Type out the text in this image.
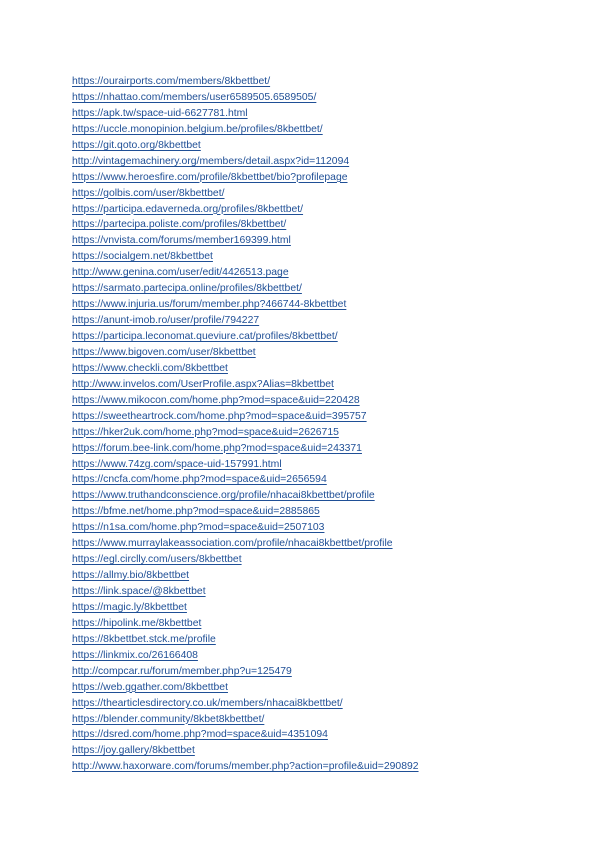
https://ourairports.com/members/8kbettbet/
https://nhattao.com/members/user6589505.6589505/
https://apk.tw/space-uid-6627781.html
https://uccle.monopinion.belgium.be/profiles/8kbettbet/
https://git.qoto.org/8kbettbet
http://vintagemachinery.org/members/detail.aspx?id=112094
https://www.heroesfire.com/profile/8kbettbet/bio?profilepage
https://golbis.com/user/8kbettbet/
https://participa.edaverneda.org/profiles/8kbettbet/
https://partecipa.poliste.com/profiles/8kbettbet/
https://vnvista.com/forums/member169399.html
https://socialgem.net/8kbettbet
http://www.genina.com/user/edit/4426513.page
https://sarmato.partecipa.online/profiles/8kbettbet/
https://www.injuria.us/forum/member.php?466744-8kbettbet
https://anunt-imob.ro/user/profile/794227
https://participa.leconomat.queviure.cat/profiles/8kbettbet/
https://www.bigoven.com/user/8kbettbet
https://www.checkli.com/8kbettbet
http://www.invelos.com/UserProfile.aspx?Alias=8kbettbet
https://www.mikocon.com/home.php?mod=space&uid=220428
https://sweetheartrock.com/home.php?mod=space&uid=395757
https://hker2uk.com/home.php?mod=space&uid=2626715
https://forum.bee-link.com/home.php?mod=space&uid=243371
https://www.74zg.com/space-uid-157991.html
https://cncfa.com/home.php?mod=space&uid=2656594
https://www.truthandconscience.org/profile/nhacai8kbettbet/profile
https://bfme.net/home.php?mod=space&uid=2885865
https://n1sa.com/home.php?mod=space&uid=2507103
https://www.murraylakeassociation.com/profile/nhacai8kbettbet/profile
https://egl.circlly.com/users/8kbettbet
https://allmy.bio/8kbettbet
https://link.space/@8kbettbet
https://magic.ly/8kbettbet
https://hipolink.me/8kbettbet
https://8kbettbet.stck.me/profile
https://linkmix.co/26166408
http://compcar.ru/forum/member.php?u=125479
https://web.ggather.com/8kbettbet
https://thearticlesdirectory.co.uk/members/nhacai8kbettbet/
https://blender.community/8kbet8kbettbet/
https://dsred.com/home.php?mod=space&uid=4351094
https://joy.gallery/8kbettbet
http://www.haxorware.com/forums/member.php?action=profile&uid=290892
